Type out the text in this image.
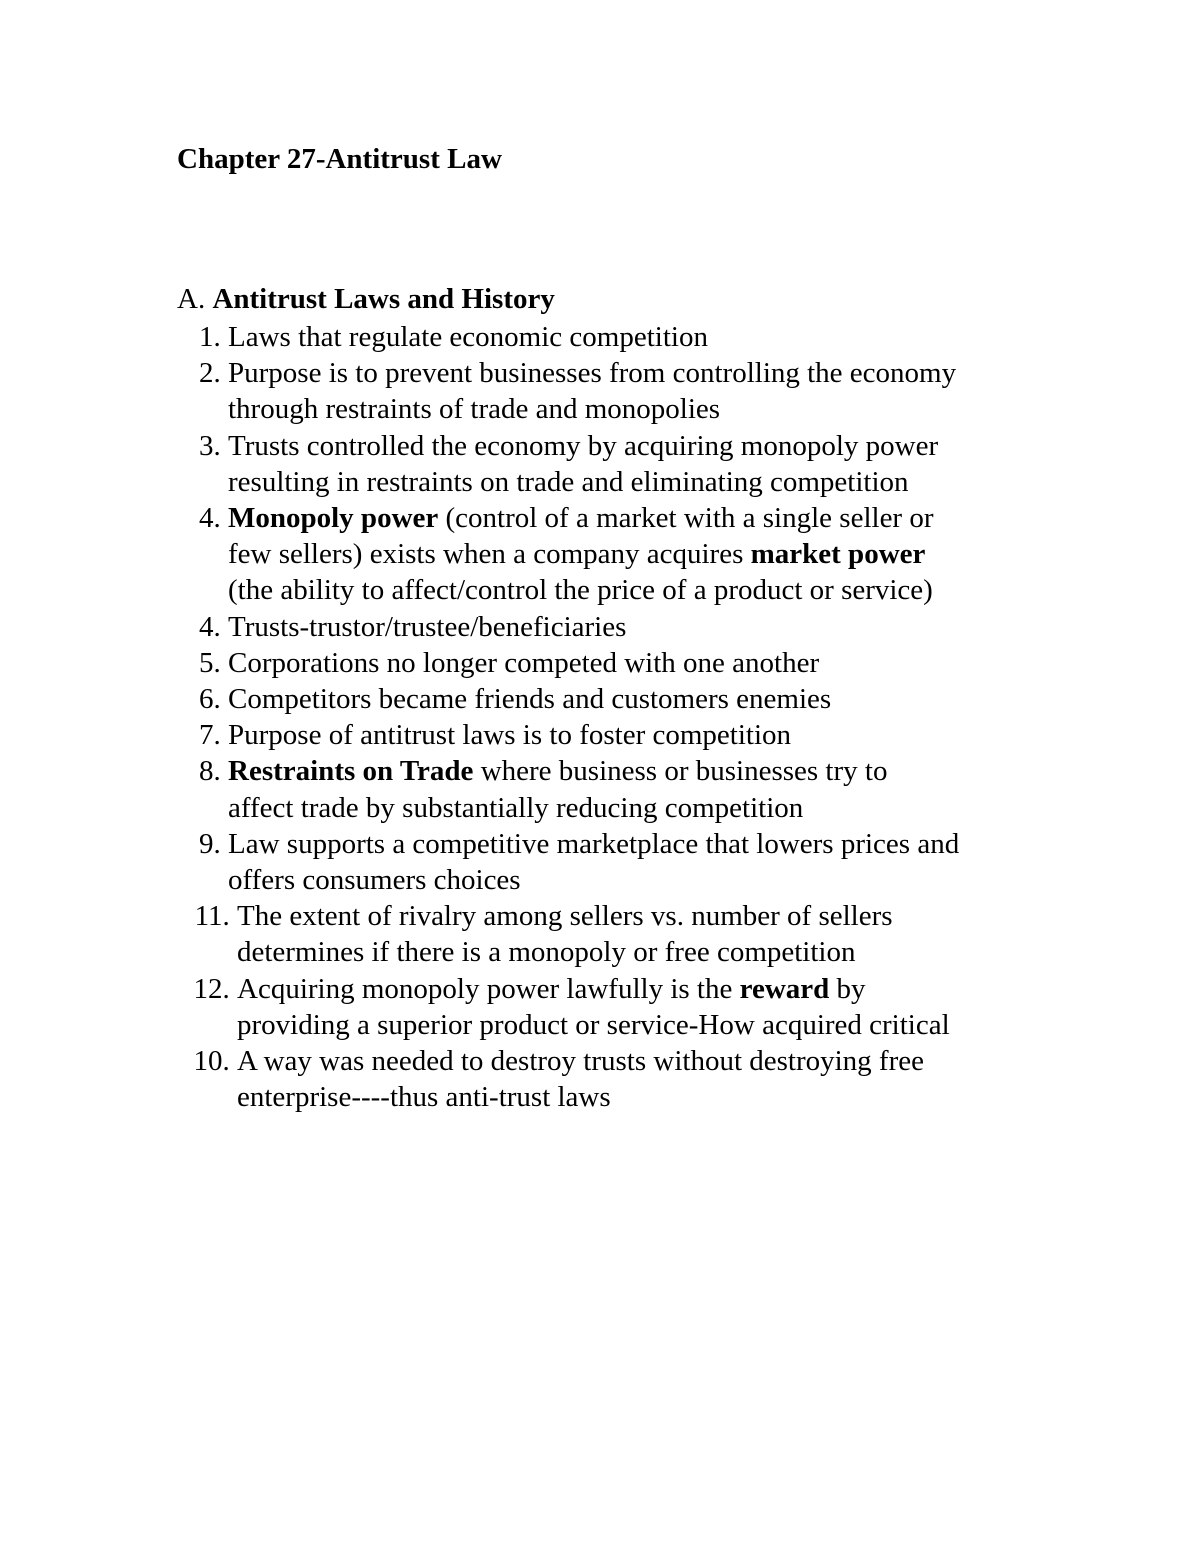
Chapter 27-Antitrust Law
A. Antitrust Laws and History
1. Laws that regulate economic competition
2. Purpose is to prevent businesses from controlling the economy
through restraints of trade and monopolies
3. Trusts controlled the economy by acquiring monopoly power
resulting in restraints on trade and eliminating competition
4. Monopoly power (control of a market with a single seller or
few sellers) exists when a company acquires market power
(the ability to affect/control the price of a product or service)
4. Trusts-trustor/trustee/beneficiaries
5. Corporations no longer competed with one another
6. Competitors became friends and customers enemies
7. Purpose of antitrust laws is to foster competition
8. Restraints on Trade where business or businesses try to
affect trade by substantially reducing competition
9. Law supports a competitive marketplace that lowers prices and
offers consumers choices
11. The extent of rivalry among sellers vs. number of sellers
determines if there is a monopoly or free competition
12. Acquiring monopoly power lawfully is the reward by
providing a superior product or service-How acquired critical
10. A way was needed to destroy trusts without destroying free
enterprise----thus anti-trust laws
